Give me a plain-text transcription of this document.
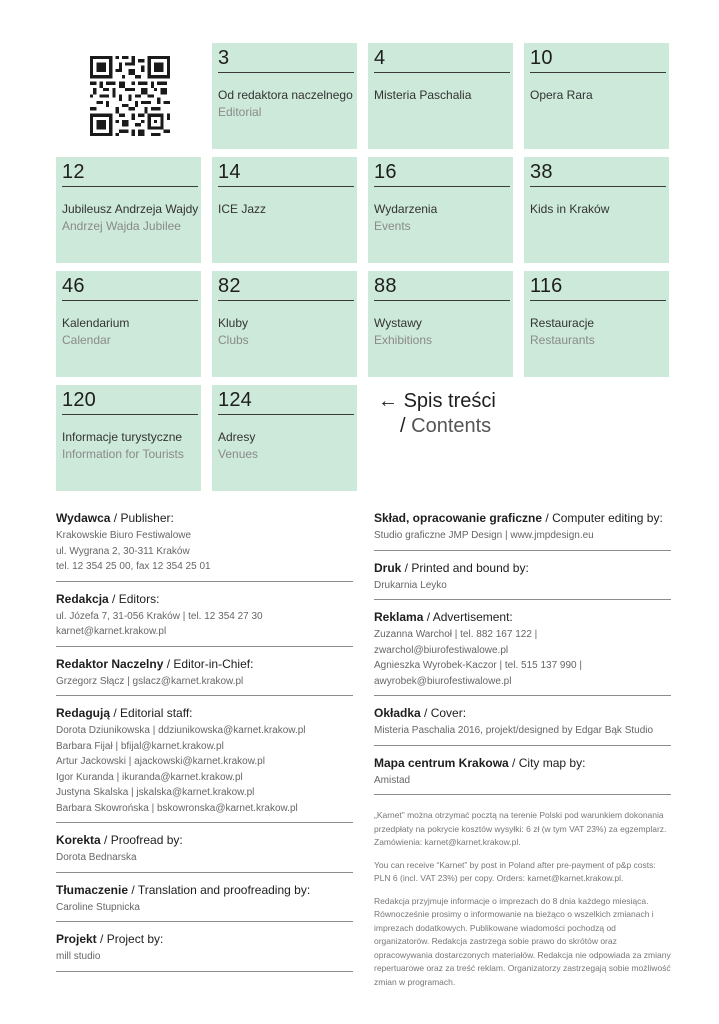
3
Od redaktora naczelnego
Editorial
4
Misteria Paschalia
10
Opera Rara
12
Jubileusz Andrzeja Wajdy
Andrzej Wajda Jubilee
14
ICE Jazz
16
Wydarzenia
Events
38
Kids in Kraków
46
Kalendarium
Calendar
82
Kluby
Clubs
88
Wystawy
Exhibitions
116
Restauracje
Restaurants
120
Informacje turystyczne
Information for Tourists
124
Adresy
Venues
← Spis treści
/ Contents
Wydawca / Publisher:
Krakowskie Biuro Festiwalowe
ul. Wygrana 2, 30-311 Kraków
tel. 12 354 25 00, fax 12 354 25 01
Redakcja / Editors:
ul. Józefa 7, 31-056 Kraków | tel. 12 354 27 30
karnet@karnet.krakow.pl
Redaktor Naczelny / Editor-in-Chief:
Grzegorz Słącz | gslacz@karnet.krakow.pl
Redagują / Editorial staff:
Dorota Dziunikowska | ddziunikowska@karnet.krakow.pl
Barbara Fijał | bfijal@karnet.krakow.pl
Artur Jackowski | ajackowski@karnet.krakow.pl
Igor Kuranda | ikuranda@karnet.krakow.pl
Justyna Skalska | jskalska@karnet.krakow.pl
Barbara Skowrońska | bskowronska@karnet.krakow.pl
Korekta / Proofread by:
Dorota Bednarska
Tłumaczenie / Translation and proofreading by:
Caroline Stupnicka
Projekt / Project by:
mill studio
Skład, opracowanie graficzne / Computer editing by:
Studio graficzne JMP Design | www.jmpdesign.eu
Druk / Printed and bound by:
Drukarnia Leyko
Reklama / Advertisement:
Zuzanna Warchoł | tel. 882 167 122 | zwarchol@biurofestiwalowe.pl
Agnieszka Wyrobek-Kaczor | tel. 515 137 990 |
awyrobek@biurofestiwalowe.pl
Okładka / Cover:
Misteria Paschalia 2016, projekt/designed by Edgar Bąk Studio
Mapa centrum Krakowa / City map by:
Amistad

„Karnet” można otrzymać pocztą na terenie Polski pod warunkiem dokonania przedpłaty na pokrycie kosztów wysyłki: 6 zł (w tym VAT 23%) za egzemplarz. Zamówienia: karnet@karnet.krakow.pl.

You can receive “Karnet” by post in Poland after pre-payment of p&p costs: PLN 6 (incl. VAT 23%) per copy. Orders: karnet@karnet.krakow.pl.

Redakcja przyjmuje informacje o imprezach do 8 dnia każdego miesiąca. Równocześnie prosimy o informowanie na bieżąco o wszelkich zmianach i imprezach dodatkowych. Publikowane wiadomości pochodzą od organizatorów. Redakcja zastrzega sobie prawo do skrótów oraz opracowywania dostarczonych materiałów. Redakcja nie odpowiada za zmiany repertuarowe oraz za treść reklam. Organizatorzy zastrzegają sobie możliwość zmian w programach.
